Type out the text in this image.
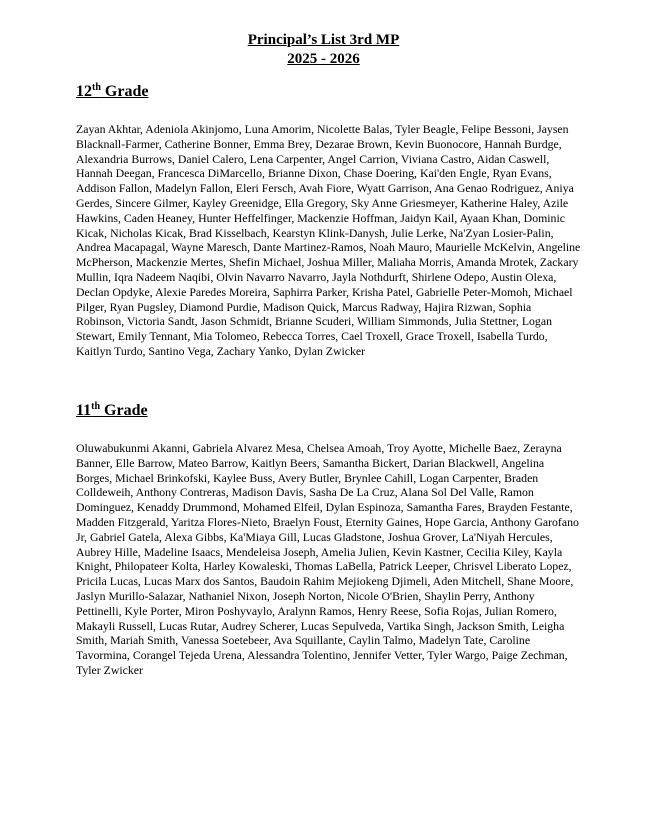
Principal’s List 3rd MP
2025 - 2026
12th Grade

Zayan Akhtar, Adeniola Akinjomo, Luna Amorim, Nicolette Balas, Tyler Beagle, Felipe Bessoni, Jaysen Blacknall-Farmer, Catherine Bonner, Emma Brey, Dezarae Brown, Kevin Buonocore, Hannah Burdge, Alexandria Burrows, Daniel Calero, Lena Carpenter, Angel Carrion, Viviana Castro, Aidan Caswell, Hannah Deegan, Francesca DiMarcello, Brianne Dixon, Chase Doering, Kai'den Engle, Ryan Evans, Addison Fallon, Madelyn Fallon, Eleri Fersch, Avah Fiore, Wyatt Garrison, Ana Genao Rodriguez, Aniya Gerdes, Sincere Gilmer, Kayley Greenidge, Ella Gregory, Sky Anne Griesmeyer, Katherine Haley, Azile Hawkins, Caden Heaney, Hunter Heffelfinger, Mackenzie Hoffman, Jaidyn Kail, Ayaan Khan, Dominic Kicak, Nicholas Kicak, Brad Kisselbach, Kearstyn Klink-Danysh, Julie Lerke, Na'Zyan Losier-Palin, Andrea Macapagal, Wayne Maresch, Dante Martinez-Ramos, Noah Mauro, Maurielle McKelvin, Angeline McPherson, Mackenzie Mertes, Shefin Michael, Joshua Miller, Maliaha Morris, Amanda Mrotek, Zackary Mullin, Iqra Nadeem Naqibi, Olvin Navarro Navarro, Jayla Nothdurft, Shirlene Odepo, Austin Olexa, Declan Opdyke, Alexie Paredes Moreira, Saphirra Parker, Krisha Patel, Gabrielle Peter-Momoh, Michael Pilger, Ryan Pugsley, Diamond Purdie, Madison Quick, Marcus Radway, Hajira Rizwan, Sophia Robinson, Victoria Sandt, Jason Schmidt, Brianne Scuderi, William Simmonds, Julia Stettner, Logan Stewart, Emily Tennant, Mia Tolomeo, Rebecca Torres, Cael Troxell, Grace Troxell, Isabella Turdo, Kaitlyn Turdo, Santino Vega, Zachary Yanko, Dylan Zwicker

11th Grade

Oluwabukunmi Akanni, Gabriela Alvarez Mesa, Chelsea Amoah, Troy Ayotte, Michelle Baez, Zerayna Banner, Elle Barrow, Mateo Barrow, Kaitlyn Beers, Samantha Bickert, Darian Blackwell, Angelina Borges, Michael Brinkofski, Kaylee Buss, Avery Butler, Brynlee Cahill, Logan Carpenter, Braden Colldeweih, Anthony Contreras, Madison Davis, Sasha De La Cruz, Alana Sol Del Valle, Ramon Dominguez, Kenaddy Drummond, Mohamed Elfeil, Dylan Espinoza, Samantha Fares, Brayden Festante, Madden Fitzgerald, Yaritza Flores-Nieto, Braelyn Foust, Eternity Gaines, Hope Garcia, Anthony Garofano Jr, Gabriel Gatela, Alexa Gibbs, Ka'Miaya Gill, Lucas Gladstone, Joshua Grover, La'Niyah Hercules, Aubrey Hille, Madeline Isaacs, Mendeleisa Joseph, Amelia Julien, Kevin Kastner, Cecilia Kiley, Kayla Knight, Philopateer Kolta, Harley Kowaleski, Thomas LaBella, Patrick Leeper, Chrisvel Liberato Lopez, Pricila Lucas, Lucas Marx dos Santos, Baudoin Rahim Mejiokeng Djimeli, Aden Mitchell, Shane Moore, Jaslyn Murillo-Salazar, Nathaniel Nixon, Joseph Norton, Nicole O'Brien, Shaylin Perry, Anthony Pettinelli, Kyle Porter, Miron Poshyvaylo, Aralynn Ramos, Henry Reese, Sofia Rojas, Julian Romero, Makayli Russell, Lucas Rutar, Audrey Scherer, Lucas Sepulveda, Vartika Singh, Jackson Smith, Leigha Smith, Mariah Smith, Vanessa Soetebeer, Ava Squillante, Caylin Talmo, Madelyn Tate, Caroline Tavormina, Corangel Tejeda Urena, Alessandra Tolentino, Jennifer Vetter, Tyler Wargo, Paige Zechman, Tyler Zwicker
